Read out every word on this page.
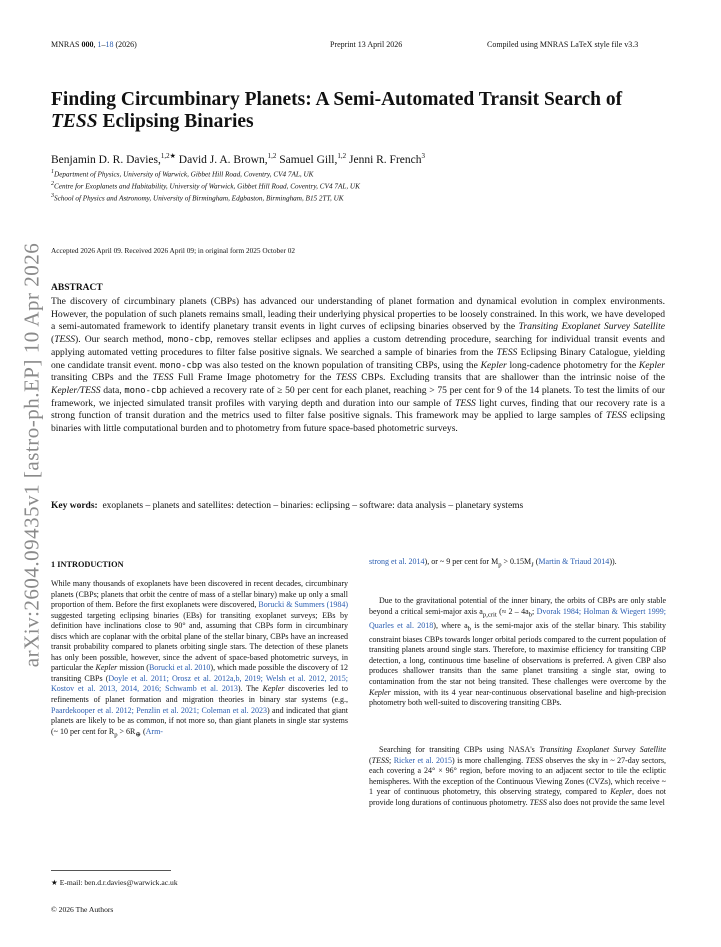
MNRAS 000, 1–18 (2026)	Preprint 13 April 2026	Compiled using MNRAS LaTeX style file v3.3
arXiv:2604.09435v1 [astro-ph.EP] 10 Apr 2026
Finding Circumbinary Planets: A Semi-Automated Transit Search of
TESS Eclipsing Binaries
Benjamin D. R. Davies,$^{1,2★}$ David J. A. Brown,$^{1,2}$ Samuel Gill,$^{1,2}$ Jenni R. French$^3$
$^1$Department of Physics, University of Warwick, Gibbet Hill Road, Coventry, CV4 7AL, UK
$^2$Centre for Exoplanets and Habitability, University of Warwick, Gibbet Hill Road, Coventry, CV4 7AL, UK
$^3$School of Physics and Astronomy, University of Birmingham, Edgbaston, Birmingham, B15 2TT, UK
Accepted 2026 April 09. Received 2026 April 09; in original form 2025 October 02
ABSTRACT
The discovery of circumbinary planets (CBPs) has advanced our understanding of planet formation and dynamical evolution in complex environments. However, the population of such planets remains small, leading their underlying physical properties to be loosely constrained. In this work, we have developed a semi-automated framework to identify planetary transit events in light curves of eclipsing binaries observed by the Transiting Exoplanet Survey Satellite (TESS). Our search method, mono-cbp, removes stellar eclipses and applies a custom detrending procedure, searching for individual transit events and applying automated vetting procedures to filter false positive signals. We searched a sample of binaries from the TESS Eclipsing Binary Catalogue, yielding one candidate transit event. mono-cbp was also tested on the known population of transiting CBPs, using the Kepler long-cadence photometry for the Kepler transiting CBPs and the TESS Full Frame Image photometry for the TESS CBPs. Excluding transits that are shallower than the intrinsic noise of the Kepler/TESS data, mono-cbp achieved a recovery rate of ≥ 50 per cent for each planet, reaching > 75 per cent for 9 of the 14 planets. To test the limits of our framework, we injected simulated transit profiles with varying depth and duration into our sample of TESS light curves, finding that our recovery rate is a strong function of transit duration and the metrics used to filter false positive signals. This framework may be applied to large samples of TESS eclipsing binaries with little computational burden and to photometry from future space-based photometric surveys.
Key words: exoplanets – planets and satellites: detection – binaries: eclipsing – software: data analysis – planetary systems
1 INTRODUCTION
While many thousands of exoplanets have been discovered in recent decades, circumbinary planets (CBPs; planets that orbit the centre of mass of a stellar binary) make up only a small proportion of them. Before the first exoplanets were discovered, Borucki & Summers (1984) suggested targeting eclipsing binaries (EBs) for transiting exoplanet surveys; EBs by definition have inclinations close to 90° and, assuming that CBPs form in circumbinary discs which are coplanar with the orbital plane of the stellar binary, CBPs have an increased transit probability compared to planets orbiting single stars. The detection of these planets has only been possible, however, since the advent of space-based photometric surveys, in particular the Kepler mission (Borucki et al. 2010), which made possible the discovery of 12 transiting CBPs (Doyle et al. 2011; Orosz et al. 2012a,b, 2019; Welsh et al. 2012, 2015; Kostov et al. 2013, 2014, 2016; Schwamb et al. 2013). The Kepler discoveries led to refinements of planet formation and migration theories in binary star systems (e.g., Paardekooper et al. 2012; Penzlin et al. 2021; Coleman et al. 2023) and indicated that giant planets are likely to be as common, if not more so, than giant planets in single star systems (~ 10 per cent for $R_p > 6R_\oplus$ (Arm-
strong et al. 2014), or ~ 9 per cent for $M_p > 0.15M_J$ (Martin & Triaud 2014)).
Due to the gravitational potential of the inner binary, the orbits of CBPs are only stable beyond a critical semi-major axis $a_{p,crit}$ (≈ $2 - 4a_b$; Dvorak 1984; Holman & Wiegert 1999; Quarles et al. 2018), where $a_b$ is the semi-major axis of the stellar binary. This stability constraint biases CBPs towards longer orbital periods compared to the current population of transiting planets around single stars. Therefore, to maximise efficiency for transiting CBP detection, a long, continuous time baseline of observations is preferred. A given CBP also produces shallower transits than the same planet transiting a single star, owing to contamination from the star not being transited. These challenges were overcome by the Kepler mission, with its 4 year near-continuous observational baseline and high-precision photometry both well-suited to discovering transiting CBPs.
Searching for transiting CBPs using NASA's Transiting Exoplanet Survey Satellite (TESS; Ricker et al. 2015) is more challenging. TESS observes the sky in ~ 27-day sectors, each covering a 24° × 96° region, before moving to an adjacent sector to tile the ecliptic hemispheres. With the exception of the Continuous Viewing Zones (CVZs), which receive ~ 1 year of continuous photometry, this observing strategy, compared to Kepler, does not provide long durations of continuous photometry. TESS also does not provide the same level
★ E-mail: ben.d.r.davies@warwick.ac.uk
© 2026 The Authors
